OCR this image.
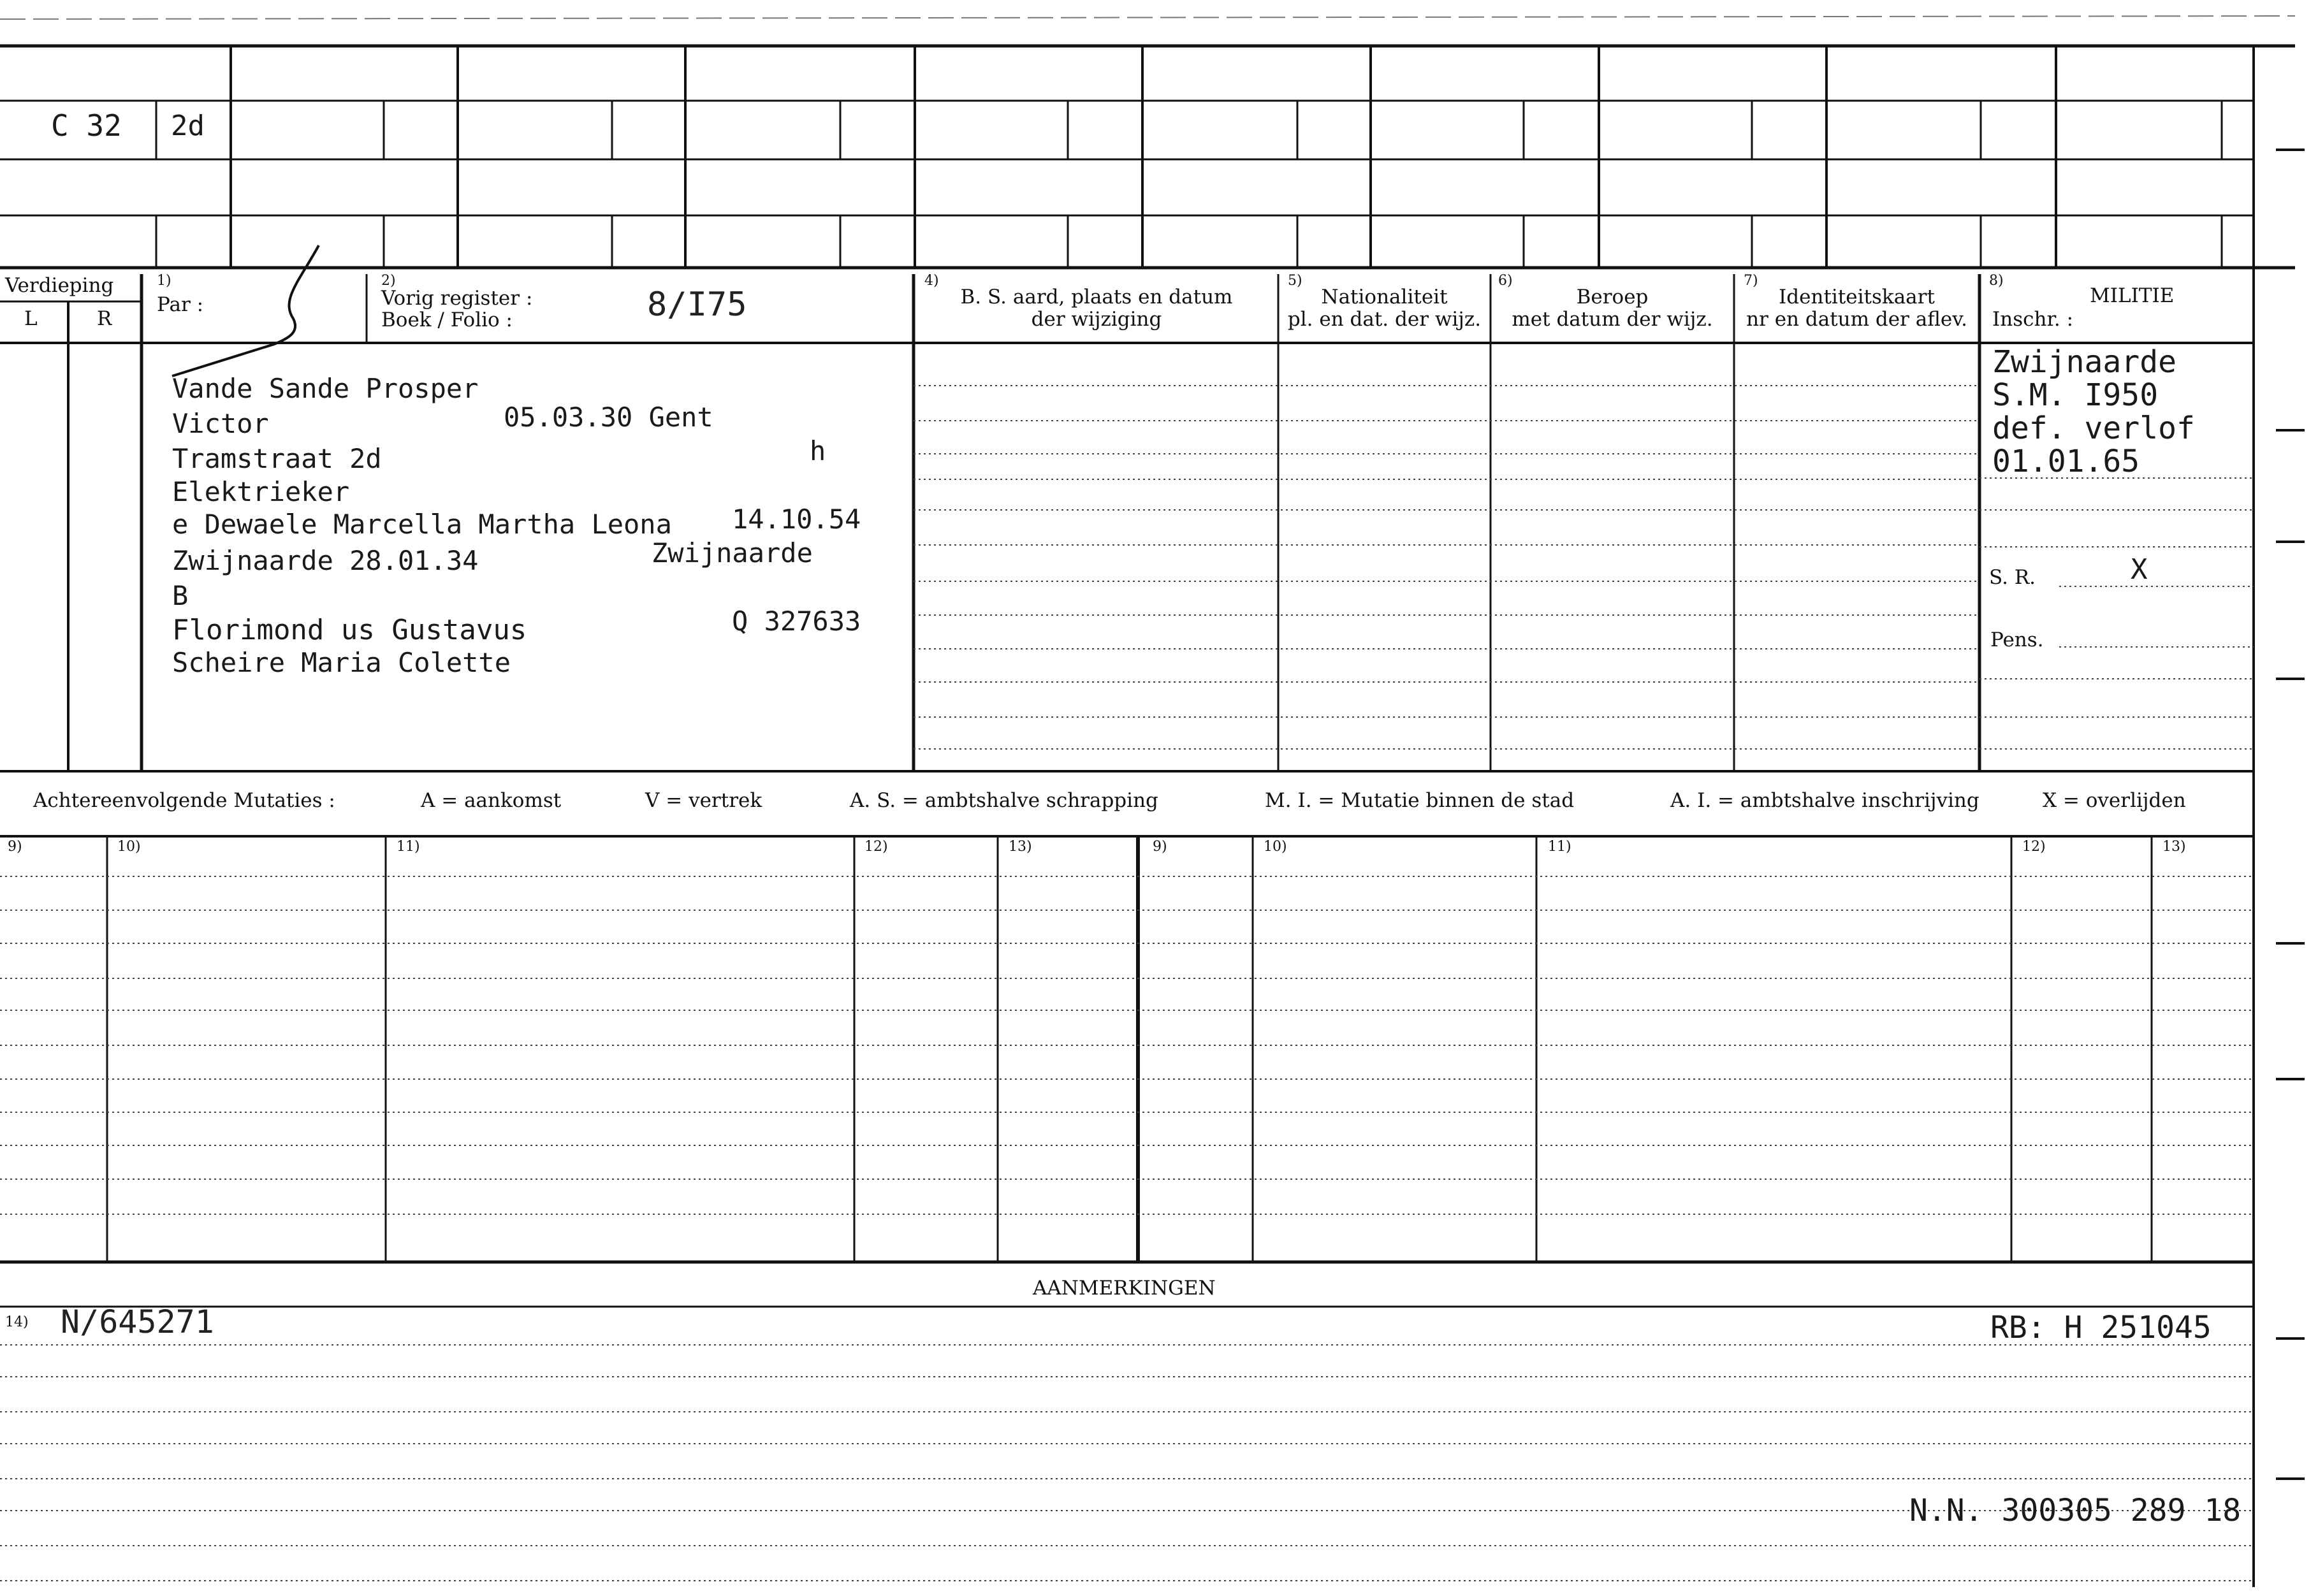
C 32 2d
Verdieping
L	R
1)
Par :
2)
Vorig register :
Boek / Folio :	8/I75
4)
B. S. aard, plaats en datum
der wijziging
5)
Nationaliteit
pl. en dat. der wijz.
6)
Beroep
met datum der wijz.
7)
Identiteitskaart
nr en datum der aflev.
8)
MILITIE
Inschr. :
Vande Sande Prosper
Victor	05.03.30 Gent
Tramstraat 2d	h
Elektrieker
e Dewaele Marcella Martha Leona 14.10.54
Zwijnaarde 28.01.34	Zwijnaarde
B
Florimond us Gustavus	Q 327633
Scheire Maria Colette
Zwijnaarde
S.M. I950
def. verlof
01.01.65
S. R.	X
Pens.
Achtereenvolgende Mutaties :	A = aankomst	V = vertrek	A. S. = ambtshalve schrapping	M. I. = Mutatie binnen de stad	A. I. = ambtshalve inschrijving	X = overlijden
9)	10)	11)	12)	13)	9)	10)	11)	12)	13)
AANMERKINGEN
14) N/645271	RB: H 251045
N.N. 300305 289 18
